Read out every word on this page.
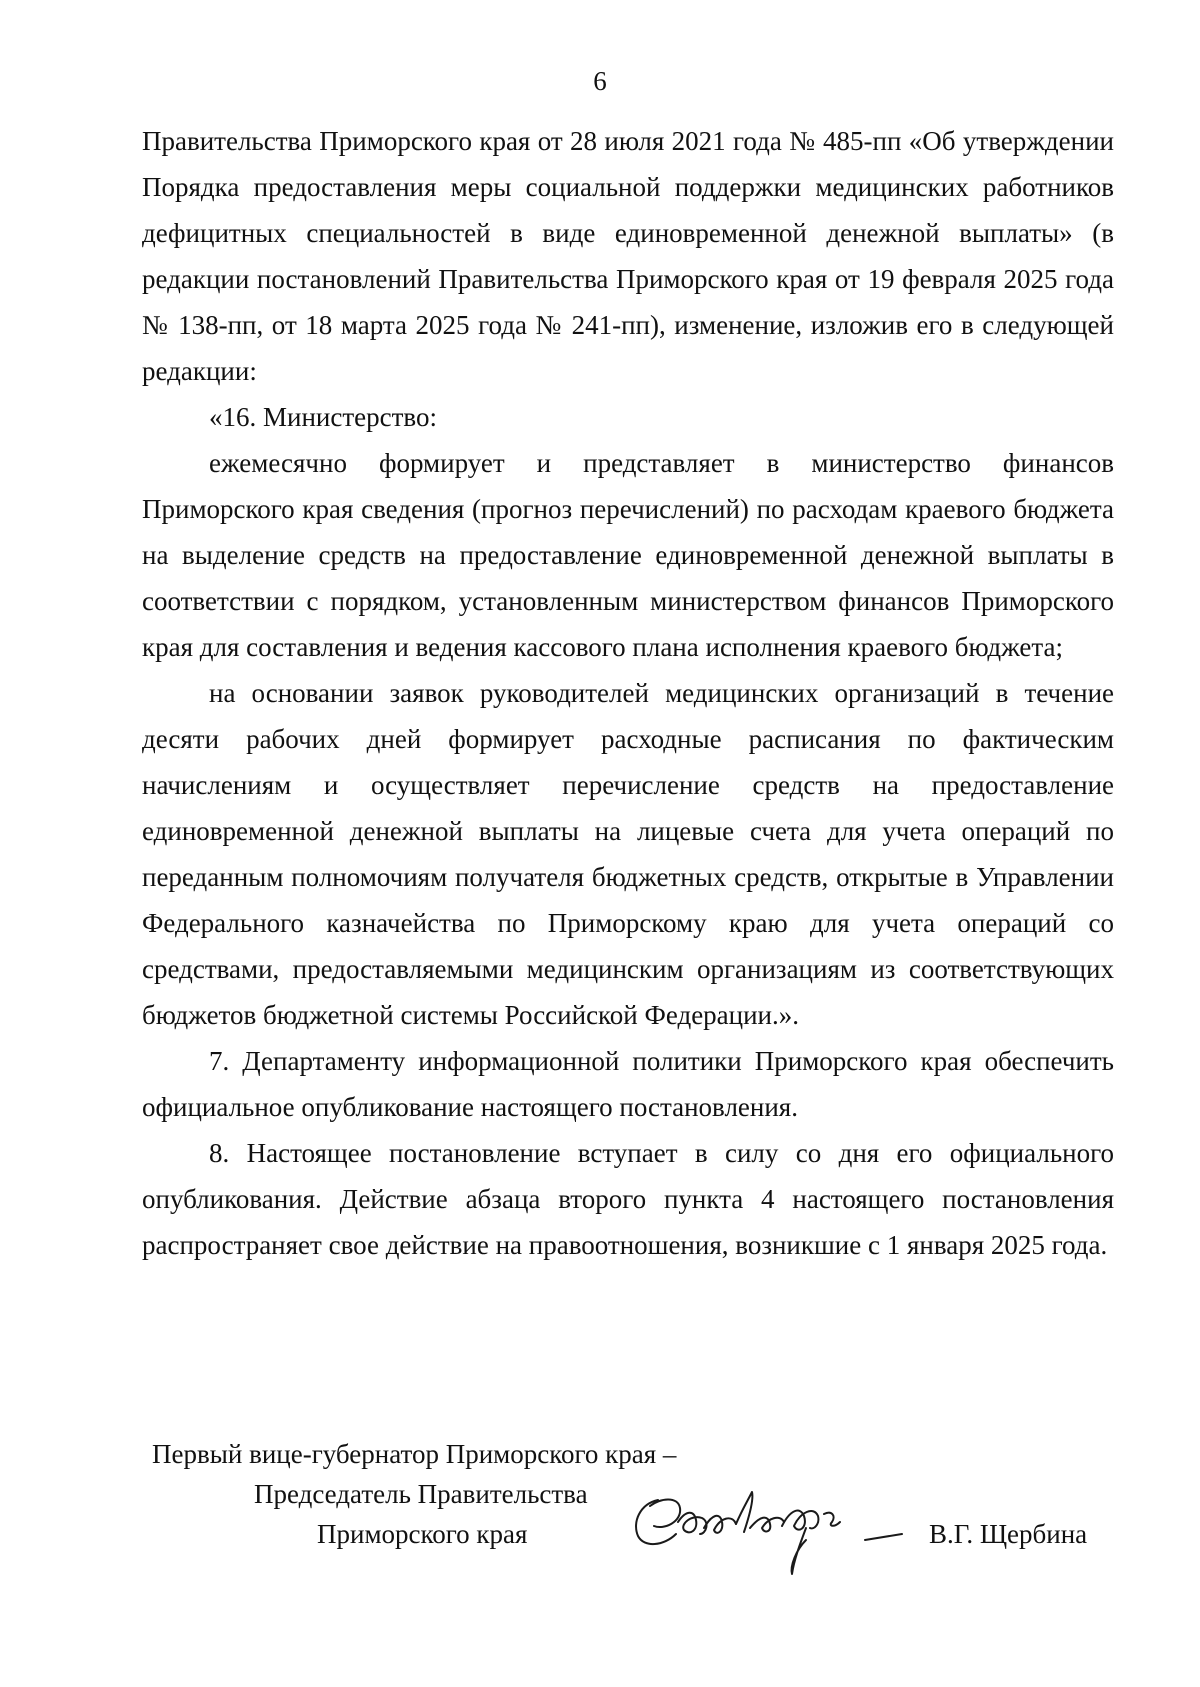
6

Правительства Приморского края от 28 июля 2021 года № 485-пп «Об утверждении Порядка предоставления меры социальной поддержки медицинских работников дефицитных специальностей в виде единовременной денежной выплаты» (в редакции постановлений Правительства Приморского края от 19 февраля 2025 года № 138-пп, от 18 марта 2025 года № 241-пп), изменение, изложив его в следующей редакции:

«16. Министерство:

ежемесячно формирует и представляет в министерство финансов Приморского края сведения (прогноз перечислений) по расходам краевого бюджета на выделение средств на предоставление единовременной денежной выплаты в соответствии с порядком, установленным министерством финансов Приморского края для составления и ведения кассового плана исполнения краевого бюджета;

на основании заявок руководителей медицинских организаций в течение десяти рабочих дней формирует расходные расписания по фактическим начислениям и осуществляет перечисление средств на предоставление единовременной денежной выплаты на лицевые счета для учета операций по переданным полномочиям получателя бюджетных средств, открытые в Управлении Федерального казначейства по Приморскому краю для учета операций со средствами, предоставляемыми медицинским организациям из соответствующих бюджетов бюджетной системы Российской Федерации.».

7. Департаменту информационной политики Приморского края обеспечить официальное опубликование настоящего постановления.

8. Настоящее постановление вступает в силу со дня его официального опубликования. Действие абзаца второго пункта 4 настоящего постановления распространяет свое действие на правоотношения, возникшие с 1 января 2025 года.

Первый вице-губернатор Приморского края –
Председатель Правительства
Приморского края	В.Г. Щербина
